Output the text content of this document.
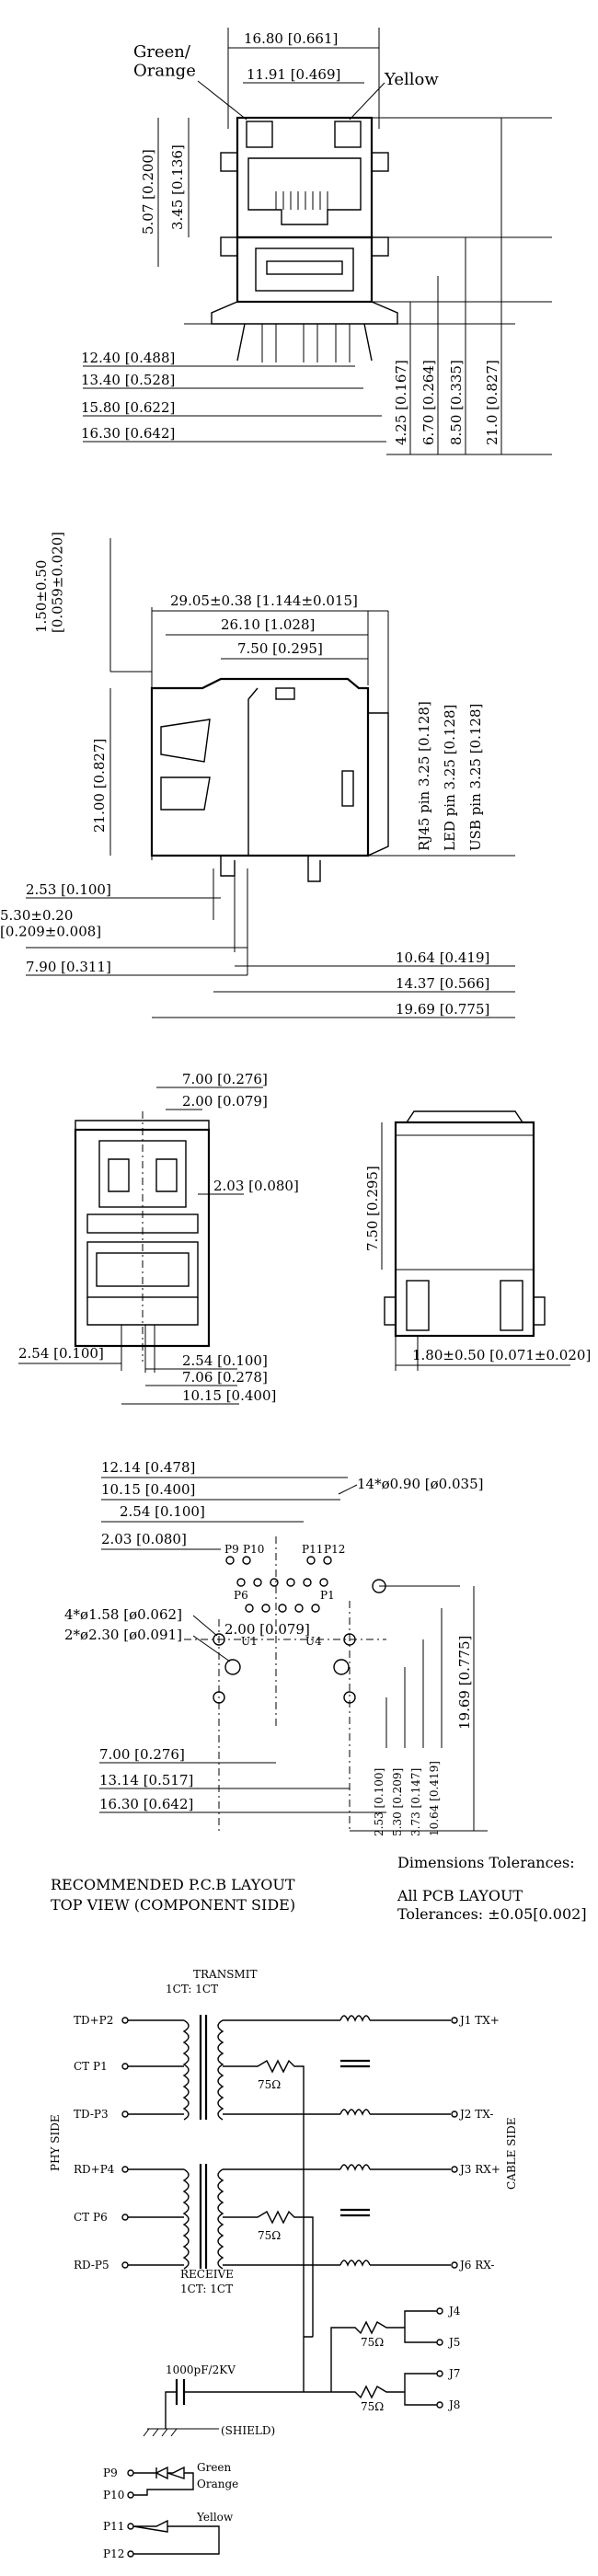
Green/ Orange	Yellow
16.80 [0.661]
11.91 [0.469]
3.45 [0.136]
5.07 [0.200]
12.40 [0.488]
13.40 [0.528]
15.80 [0.622]
16.30 [0.642]	4.25 [0.167] 6.70 [0.264] 8.50 [0.335] 21.0 [0.827]
1.50±0.50[0.059±0.020]	29.05±0.38 [1.144±0.015]
26.10 [1.028]
7.50 [0.295]
RJ45 pin 3.25 [0.128] LED pin 3.25 [0.128] USB pin 3.25 [0.128]
21.00 [0.827]
2.53 [0.100]
5.30±0.20 [0.209±0.008]
7.90 [0.311]
10.64 [0.419]
14.37 [0.566]
19.69 [0.775]
7.00 [0.276]
2.00 [0.079]
2.03 [0.080]
2.54 [0.100]	2.54 [0.100]
7.06 [0.278]
10.15 [0.400]
7.50 [0.295]
1.80±0.50 [0.071±0.020]
12.14 [0.478]
10.15 [0.400]
2.54 [0.100]
2.03 [0.080]
14*ø0.90 [ø0.035]
P9 P10	P11 P12
P6	P1
U1	U4
4*ø1.58 [ø0.062]
2*ø2.30 [ø0.091]	2.00 [0.079]
19.69 [0.775]
7.00 [0.276]
13.14 [0.517]
16.30 [0.642]	2.53 [0.100] 5.30 [0.209] 3.73 [0.147] 10.64 [0.419]
RECOMMENDED P.C.B LAYOUT
TOP VIEW (COMPONENT SIDE)
Dimensions Tolerances:
All PCB LAYOUT
Tolerances: ±0.05[0.002]
TRANSMIT
1CT: 1CT
RECEIVE
1CT: 1CT
PHY SIDE	CABLE SIDE
TD+P2
CT P1
TD-P3
RD+P4
CT P6
RD-P5
75Ω
75Ω
J1 TX+
J2 TX-
J3 RX+
J6 RX-
J4
J5
J7
J8
75Ω
75Ω
1000pF/2KV
(SHIELD)
P9
P10
P11
P12
Green
Orange
Yellow
